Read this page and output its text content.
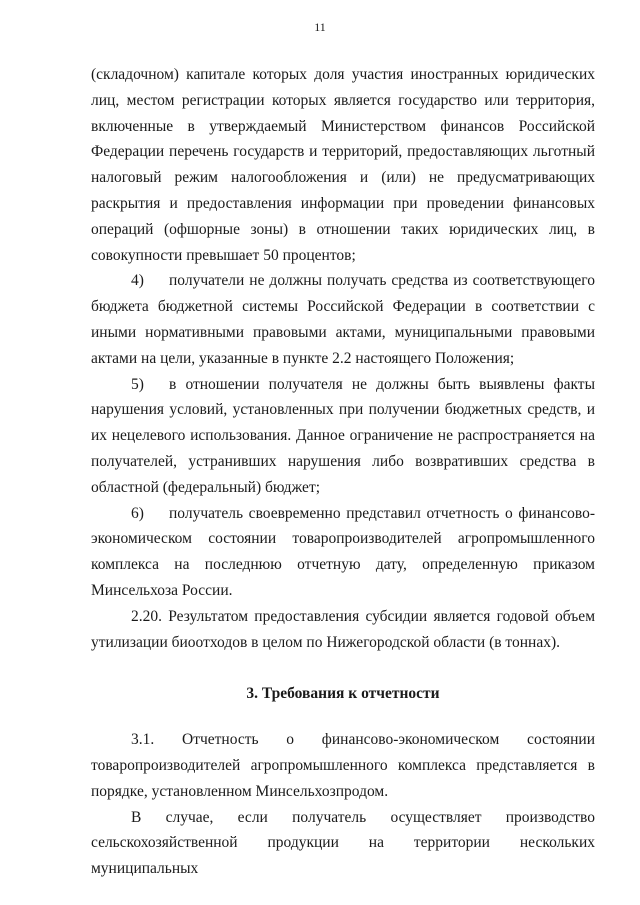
11

(складочном) капитале которых доля участия иностранных юридических лиц, местом регистрации которых является государство или территория, включенные в утверждаемый Министерством финансов Российской Федерации перечень государств и территорий, предоставляющих льготный налоговый режим налогообложения и (или) не предусматривающих раскрытия и предоставления информации при проведении финансовых операций (офшорные зоны) в отношении таких юридических лиц, в совокупности превышает 50 процентов;

4) получатели не должны получать средства из соответствующего бюджета бюджетной системы Российской Федерации в соответствии с иными нормативными правовыми актами, муниципальными правовыми актами на цели, указанные в пункте 2.2 настоящего Положения;

5) в отношении получателя не должны быть выявлены факты нарушения условий, установленных при получении бюджетных средств, и их нецелевого использования. Данное ограничение не распространяется на получателей, устранивших нарушения либо возвративших средства в областной (федеральный) бюджет;

6) получатель своевременно представил отчетность о финансово-экономическом состоянии товаропроизводителей агропромышленного комплекса на последнюю отчетную дату, определенную приказом Минсельхоза России.

2.20. Результатом предоставления субсидии является годовой объем утилизации биоотходов в целом по Нижегородской области (в тоннах).

3. Требования к отчетности

3.1. Отчетность о финансово-экономическом состоянии товаропроизводителей агропромышленного комплекса представляется в порядке, установленном Минсельхозпродом.

В случае, если получатель осуществляет производство сельскохозяйственной продукции на территории нескольких муниципальных
